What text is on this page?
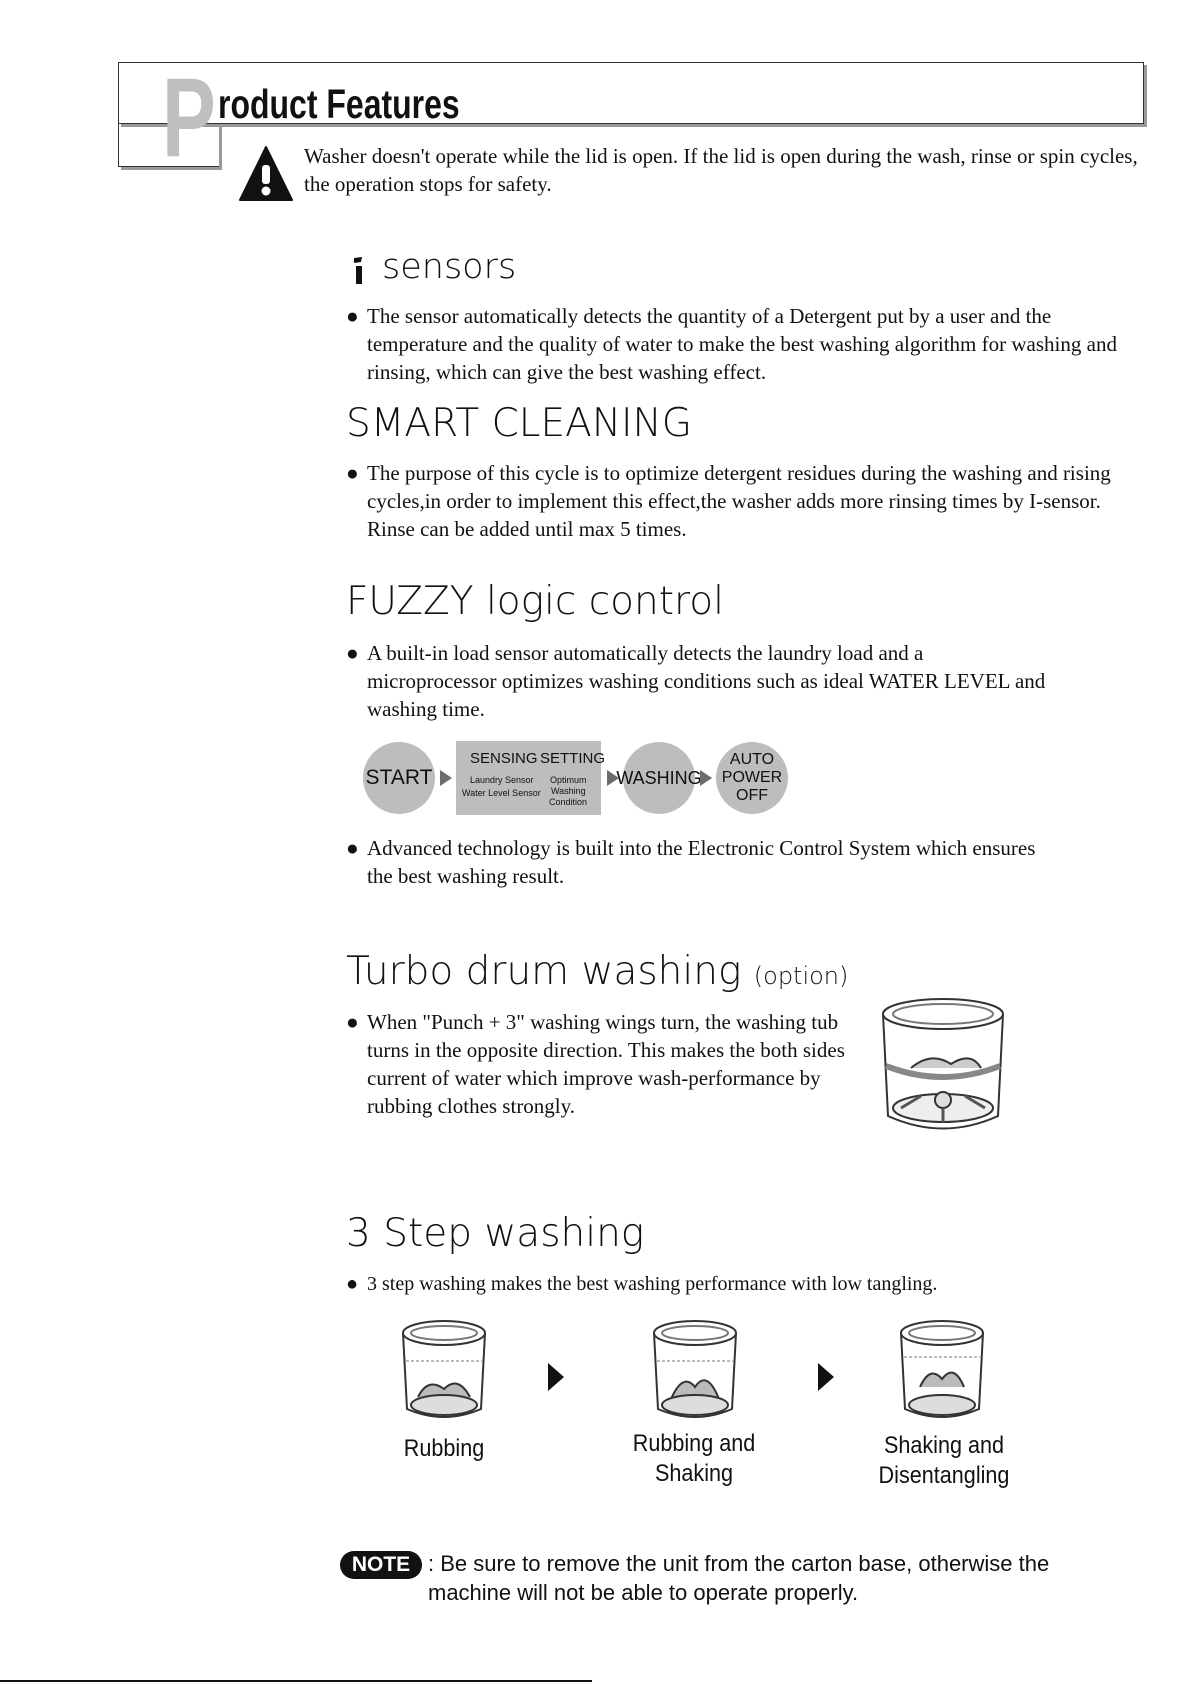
P roduct Features
Washer doesn't operate while the lid is open. If the lid is open during the wash, rinse or spin cycles, the operation stops for safety.
sensors
● The sensor automatically detects the quantity of a Detergent put by a user and the temperature and the quality of water to make the best washing algorithm for washing and rinsing, which can give the best washing effect.
SMART CLEANING
● The purpose of this cycle is to optimize detergent residues during the washing and rising cycles,in order to implement this effect,the washer adds more rinsing times by I-sensor. Rinse can be added until max 5 times.
FUZZY logic control
● A built-in load sensor automatically detects the laundry load and a microprocessor optimizes washing conditions such as ideal WATER LEVEL and washing time.
START
SENSING SETTING
Laundry Sensor
Water Level Sensor
Optimum
Washing
Condition
WASHING
AUTO
POWER
OFF
● Advanced technology is built into the Electronic Control System which ensures the best washing result.
Turbo drum washing (option)
● When "Punch + 3" washing wings turn, the washing tub turns in the opposite direction. This makes the both sides current of water which improve wash-performance by rubbing clothes strongly.
3 Step washing
● 3 step washing makes the best washing performance with low tangling.
Rubbing	Rubbing and Shaking
Shaking and Disentangling
NOTE : Be sure to remove the unit from the carton base, otherwise the machine will not be able to operate properly.
